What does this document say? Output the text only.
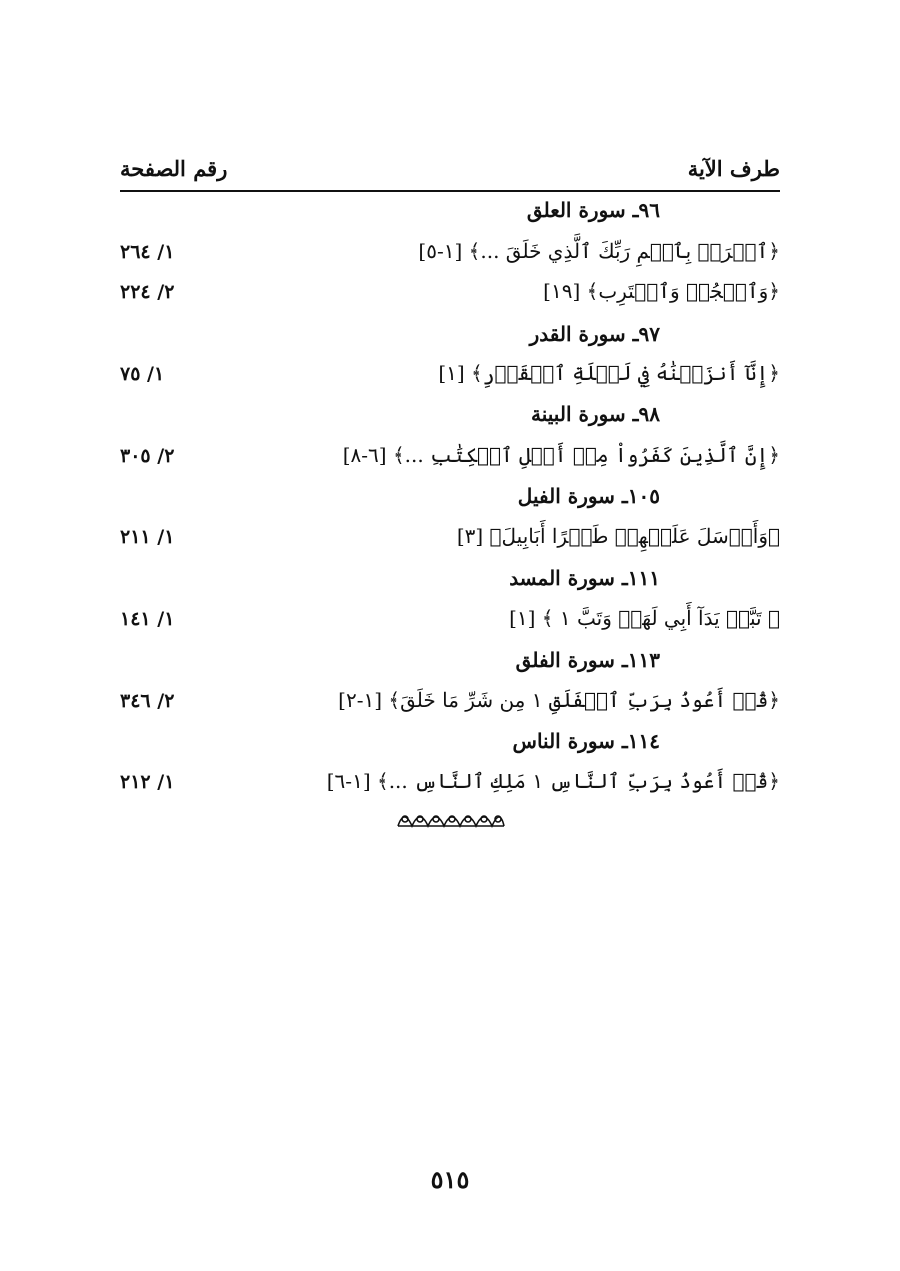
طرف الآية
رقم الصفحة
٩٦ـ سورة العلق
﴿ٱقۡرَأۡ بِٱسۡمِ رَبِّكَ ٱلَّذِي خَلَقَ ...﴾ [١-٥]
١/ ٢٦٤
﴿وَٱسۡجُدۡ وَٱقۡتَرِب﴾ [١٩]
٢/ ٢٢٤
٩٧ـ سورة القدر
﴿إِنَّآ أَنزَلۡنَٰهُ فِي لَيۡلَةِ ٱلۡقَدۡرِ﴾ [١]
١/ ٧٥
٩٨ـ سورة البينة
﴿إِنَّ ٱلَّذِينَ كَفَرُواْ مِنۡ أَهۡلِ ٱلۡكِتَٰبِ ...﴾ [٦-٨]
٢/ ٣٠٥
١٠٥ـ سورة الفيل
﴿وَأَرۡسَلَ عَلَيۡهِمۡ طَيۡرًا أَبَابِيلَ﴾ [٣]
١/ ٢١١
١١١ـ سورة المسد
﴿ تَبَّتۡ يَدَآ أَبِي لَهَبٖ وَتَبَّ ١ ﴾ [١]
١/ ١٤١
١١٣ـ سورة الفلق
﴿قُلۡ أَعُوذُ بِرَبِّ ٱلۡفَلَقِ ١ مِن شَرِّ مَا خَلَقَ﴾ [١-٢]
٢/ ٣٤٦
١١٤ـ سورة الناس
﴿قُلۡ أَعُوذُ بِرَبِّ ٱلنَّاسِ ١ مَلِكِ ٱلنَّاسِ ...﴾ [١-٦]
١/ ٢١٢
٥١٥
